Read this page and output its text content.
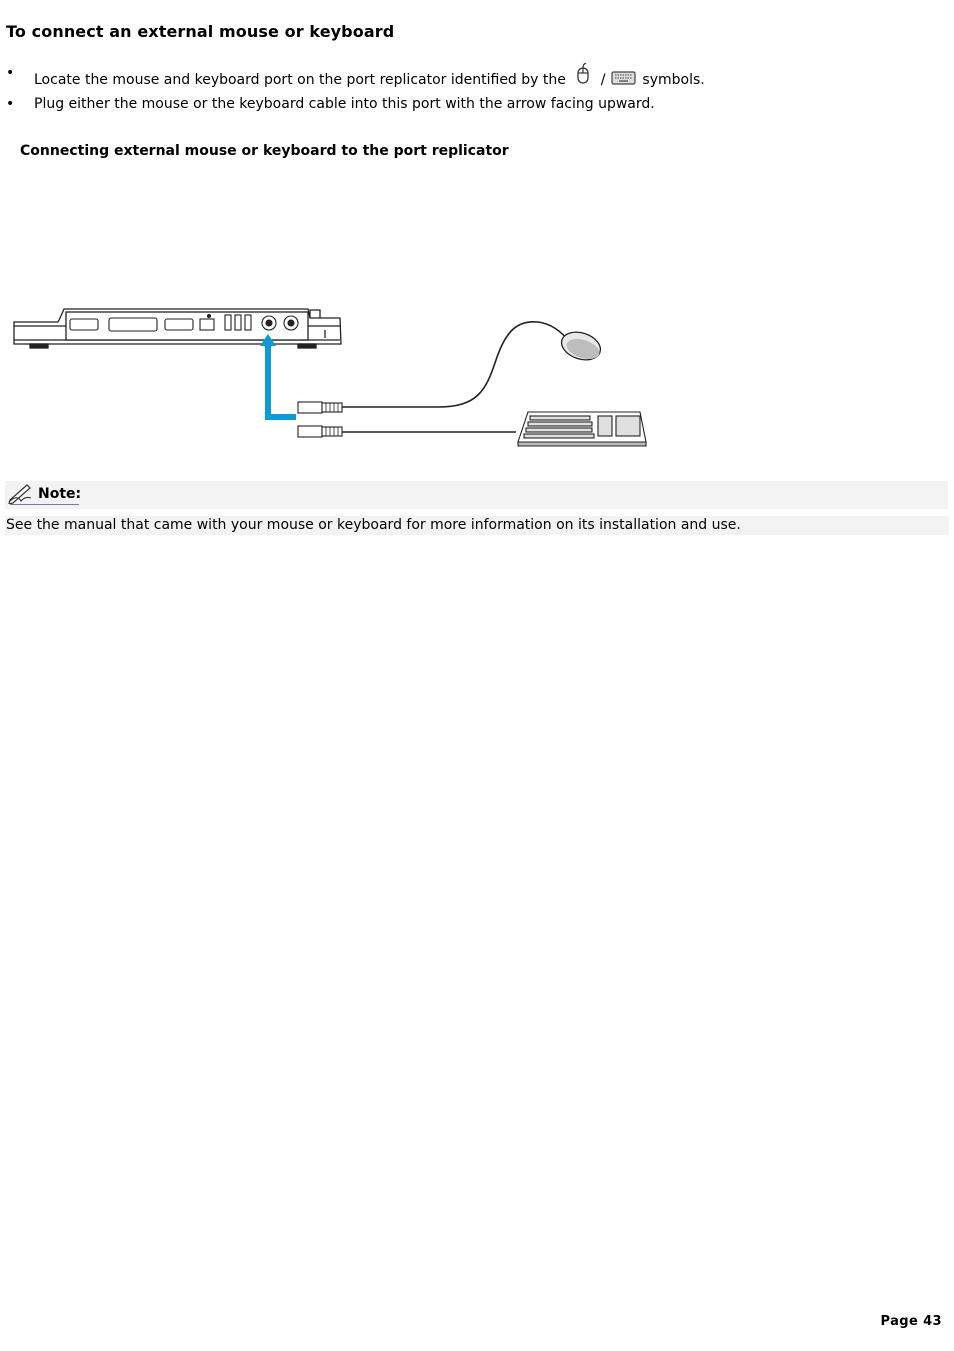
To connect an external mouse or keyboard
• Locate the mouse and keyboard port on the port replicator identified by the /	symbols.
• Plug either the mouse or the keyboard cable into this port with the arrow facing upward.

Connecting external mouse or keyboard to the port replicator

Note:
See the manual that came with your mouse or keyboard for more information on its installation and use.
Page 43
